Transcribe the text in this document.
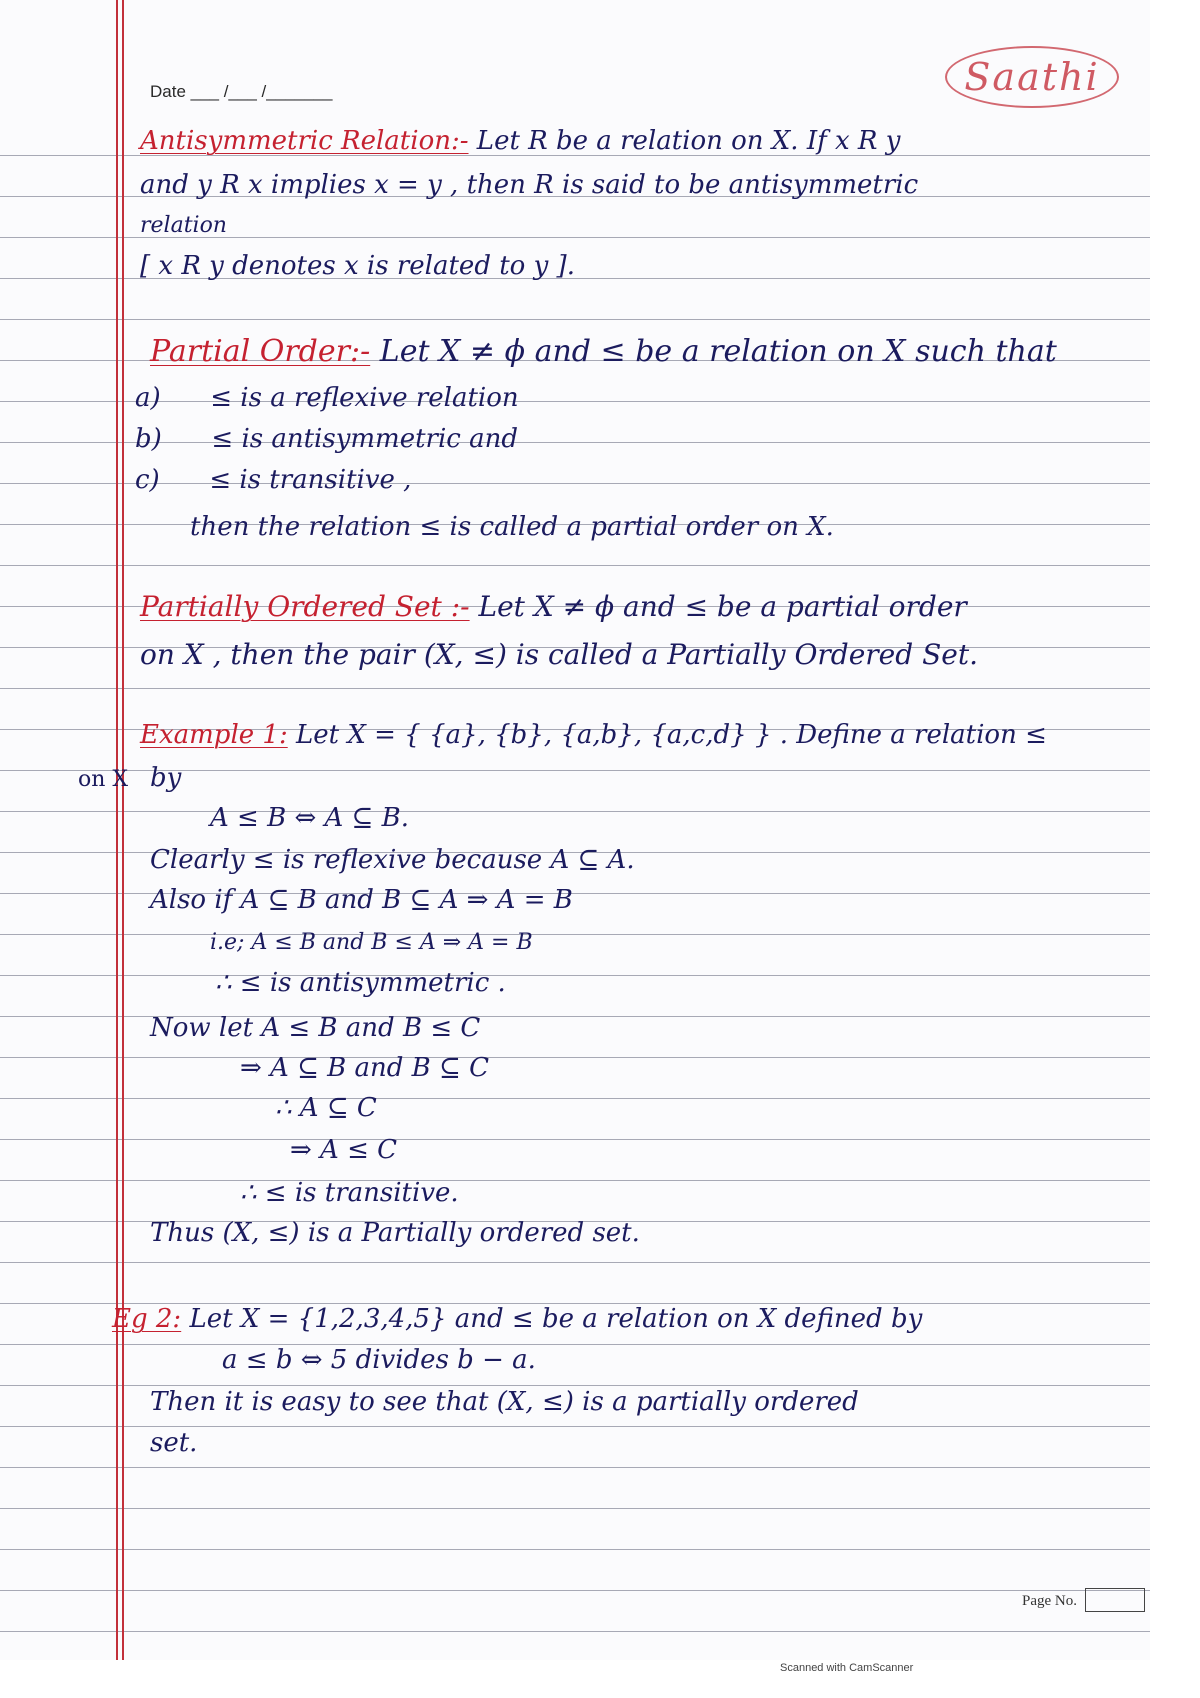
Date ___ /___ /_______	Saathi
Antisymmetric Relation:- Let R be a relation on X. If x R y
and y R x implies x = y , then R is said to be antisymmetric
relation
[ x R y denotes x is related to y ].
Partial Order:- Let X ≠ ϕ and ≤ be a relation on X such that
a) ≤ is a reflexive relation
b) ≤ is antisymmetric and
c) ≤ is transitive ,
then the relation ≤ is called a partial order on X.
Partially Ordered Set :- Let X ≠ ϕ and ≤ be a partial order
on X , then the pair (X, ≤) is called a Partially Ordered Set.
Example 1: Let X = { {a}, {b}, {a,b}, {a,c,d} } . Define a relation ≤
on X by
A ≤ B ⇔ A ⊆ B.
Clearly ≤ is reflexive because A ⊆ A.
Also if A ⊆ B and B ⊆ A ⇒ A = B
i.e; A ≤ B and B ≤ A ⇒ A = B
∴ ≤ is antisymmetric .
Now let A ≤ B and B ≤ C
⇒ A ⊆ B and B ⊆ C
∴ A ⊆ C
⇒ A ≤ C
∴ ≤ is transitive.
Thus (X, ≤) is a Partially ordered set.
Eg 2: Let X = {1,2,3,4,5} and ≤ be a relation on X defined by
a ≤ b ⇔ 5 divides b − a.
Then it is easy to see that (X, ≤) is a partially ordered
set.
Page No.
Scanned with CamScanner
